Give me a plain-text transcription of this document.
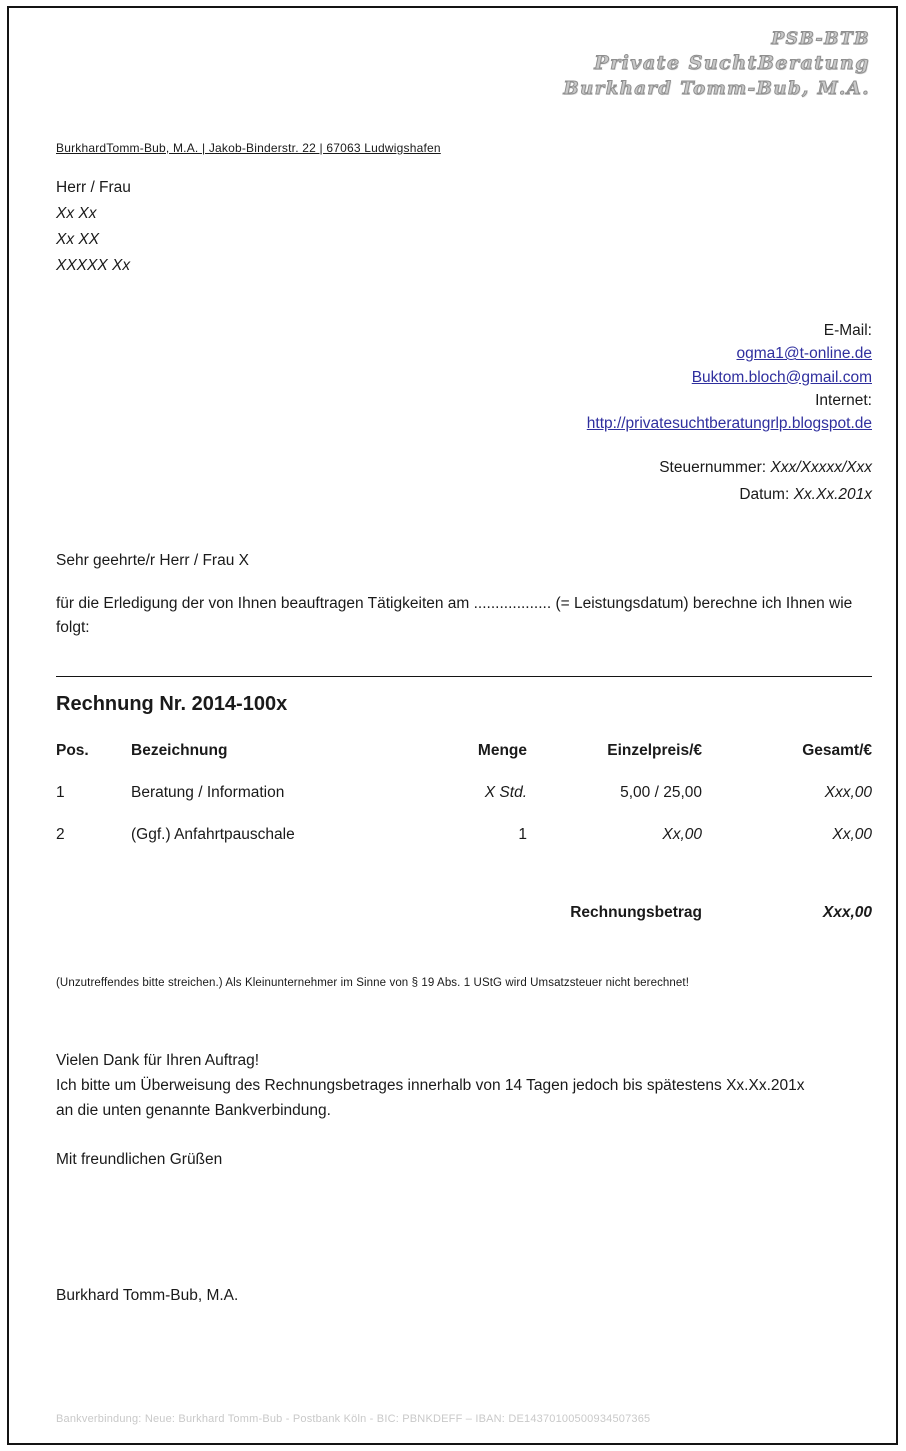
PSB-BTB
Private SuchtBeratung
Burkhard Tomm-Bub, M.A.
BurkhardTomm-Bub, M.A. | Jakob-Binderstr. 22 | 67063 Ludwigshafen
Herr / Frau
Xx Xx
Xx XX
XXXXX Xx
E-Mail:
ogma1@t-online.de
Buktom.bloch@gmail.com
Internet:
http://privatesuchtberatungrlp.blogspot.de
Steuernummer: Xxx/Xxxxx/Xxx
Datum: Xx.Xx.201x
Sehr geehrte/r Herr / Frau X

für die Erledigung der von Ihnen beauftragen Tätigkeiten am .................. (= Leistungsdatum) berechne ich Ihnen wie folgt:

Rechnung Nr. 2014-100x
Pos.	Bezeichnung	Menge	Einzelpreis/€	Gesamt/€
1	Beratung / Information	X Std.	5,00 / 25,00	Xxx,00
2	(Ggf.) Anfahrtpauschale	1	Xx,00	Xx,00
Rechnungsbetrag	Xxx,00
(Unzutreffendes bitte streichen.) Als Kleinunternehmer im Sinne von § 19 Abs. 1 UStG wird Umsatzsteuer nicht berechnet!
Vielen Dank für Ihren Auftrag!
Ich bitte um Überweisung des Rechnungsbetrages innerhalb von 14 Tagen jedoch bis spätestens Xx.Xx.201x
an die unten genannte Bankverbindung.
Mit freundlichen Grüßen
Burkhard Tomm-Bub, M.A.
Bankverbindung: Neue: Burkhard Tomm-Bub - Postbank Köln - BIC: PBNKDEFF – IBAN: DE14370100500934507365
